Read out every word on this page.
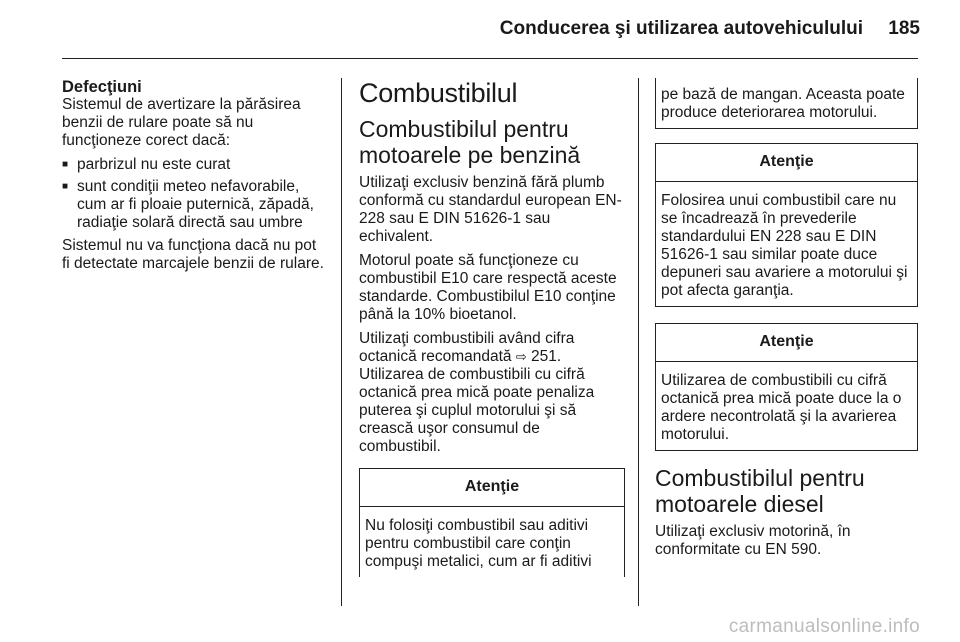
Conducerea şi utilizarea autovehiculului 185
Defecţiuni

Sistemul de avertizare la părăsirea benzii de rulare poate să nu funcţioneze corect dacă:

■ parbrizul nu este curat
■ sunt condiţii meteo nefavorabile, cum ar fi ploaie puternică, zăpadă, radiaţie solară directă sau umbre

Sistemul nu va funcţiona dacă nu pot fi detectate marcajele benzii de rulare.

Combustibilul
Combustibilul pentru motoarele pe benzină

Utilizaţi exclusiv benzină fără plumb conformă cu standardul european EN-228 sau E DIN 51626-1 sau echivalent.

Motorul poate să funcţioneze cu combustibil E10 care respectă aceste standarde. Combustibilul E10 conţine până la 10% bioetanol.

Utilizaţi combustibili având cifra octanică recomandată ⇨ 251.

Utilizarea de combustibili cu cifră octanică prea mică poate penaliza puterea şi cuplul motorului şi să crească uşor consumul de combustibil.

Atenţie
Nu folosiţi combustibil sau aditivi pentru combustibil care conţin compuşi metalici, cum ar fi aditivi
pe bază de mangan. Aceasta poate produce deteriorarea motorului.
Atenţie
Folosirea unui combustibil care nu se încadrează în prevederile standardului EN 228 sau E DIN 51626-1 sau similar poate duce depuneri sau avariere a motorului şi pot afecta garanţia.
Atenţie
Utilizarea de combustibili cu cifră octanică prea mică poate duce la o ardere necontrolată şi la avarierea motorului.
Combustibilul pentru motoarele diesel

Utilizaţi exclusiv motorină, în conformitate cu EN 590.

carmanualsonline.info
